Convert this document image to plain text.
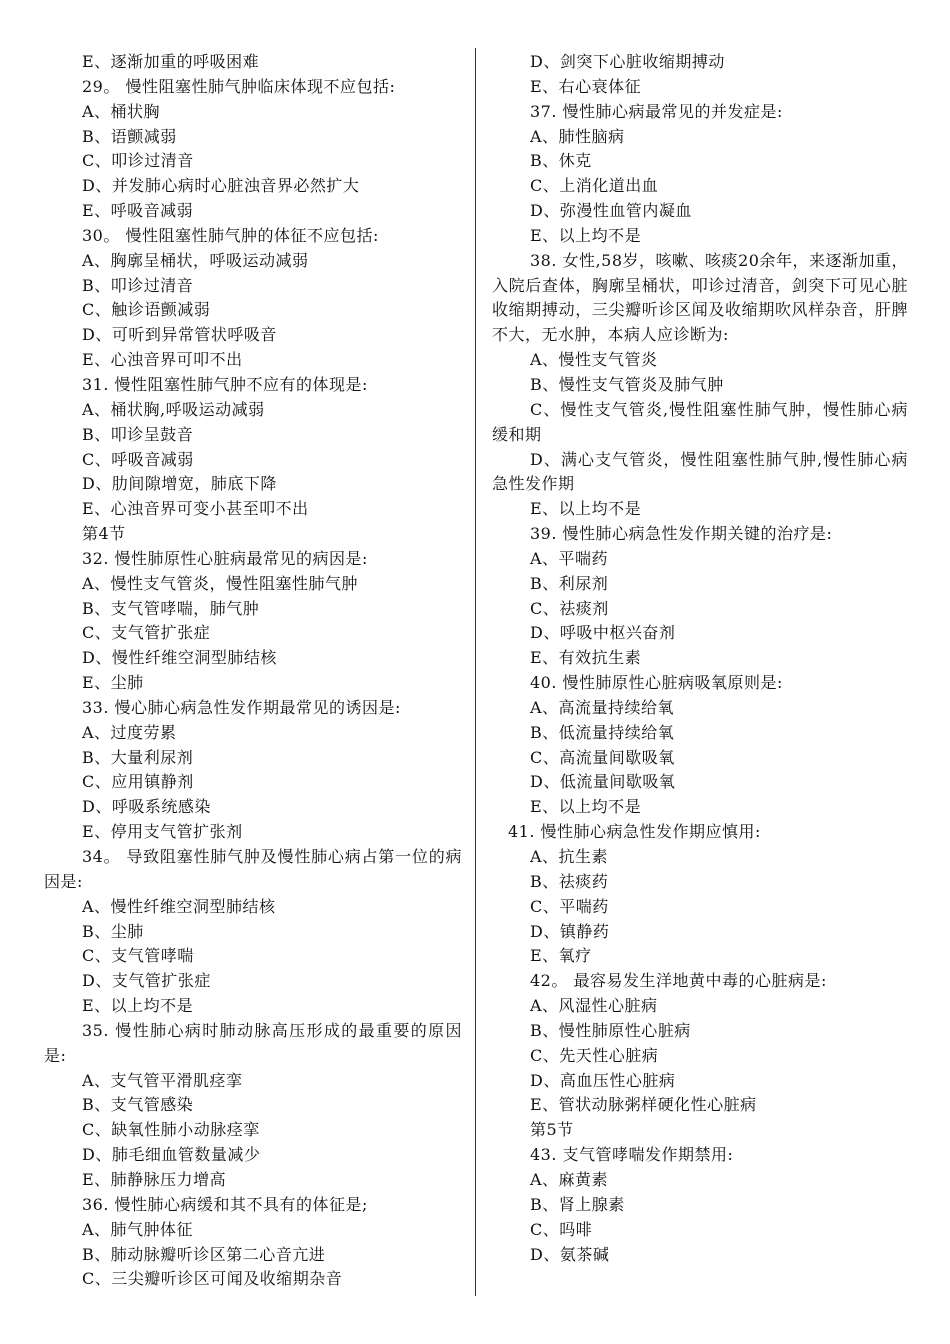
E、逐渐加重的呼吸困难
29。 慢性阻塞性肺气肿临床体现不应包括:
A、桶状胸
B、语颤减弱
C、叩诊过清音
D、并发肺心病时心脏浊音界必然扩大
E、呼吸音减弱
30。 慢性阻塞性肺气肿的体征不应包括:
A、胸廓呈桶状，呼吸运动减弱
B、叩诊过清音
C、触诊语颤减弱
D、可听到异常管状呼吸音
E、心浊音界可叩不出
31. 慢性阻塞性肺气肿不应有的体现是:
A、桶状胸,呼吸运动减弱
B、叩诊呈鼓音
C、呼吸音减弱
D、肋间隙增宽，肺底下降
E、心浊音界可变小甚至叩不出
第4节
32. 慢性肺原性心脏病最常见的病因是:
A、慢性支气管炎，慢性阻塞性肺气肿
B、支气管哮喘，肺气肿
C、支气管扩张症
D、慢性纤维空洞型肺结核
E、尘肺
33. 慢心肺心病急性发作期最常见的诱因是:
A、过度劳累
B、大量利尿剂
C、应用镇静剂
D、呼吸系统感染
E、停用支气管扩张剂
34。 导致阻塞性肺气肿及慢性肺心病占第一位的病因是:
A、慢性纤维空洞型肺结核
B、尘肺
C、支气管哮喘
D、支气管扩张症
E、以上均不是
35. 慢性肺心病时肺动脉高压形成的最重要的原因是:
A、支气管平滑肌痉挛
B、支气管感染
C、缺氧性肺小动脉痉挛
D、肺毛细血管数量减少
E、肺静脉压力增高
36. 慢性肺心病缓和其不具有的体征是;
A、肺气肿体征
B、肺动脉瓣听诊区第二心音亢进
C、三尖瓣听诊区可闻及收缩期杂音
D、剑突下心脏收缩期搏动
E、右心衰体征
37. 慢性肺心病最常见的并发症是:
A、肺性脑病
B、休克
C、上消化道出血
D、弥漫性血管内凝血
E、以上均不是
38. 女性,58岁，咳嗽、咳痰20余年，来逐渐加重，入院后查体，胸廓呈桶状，叩诊过清音，剑突下可见心脏收缩期搏动，三尖瓣听诊区闻及收缩期吹风样杂音，肝脾不大，无水肿，本病人应诊断为:
A、慢性支气管炎
B、慢性支气管炎及肺气肿
C、慢性支气管炎,慢性阻塞性肺气肿，慢性肺心病缓和期
D、满心支气管炎，慢性阻塞性肺气肿,慢性肺心病急性发作期
E、以上均不是
39. 慢性肺心病急性发作期关键的治疗是:
A、平喘药
B、利尿剂
C、祛痰剂
D、呼吸中枢兴奋剂
E、有效抗生素
40. 慢性肺原性心脏病吸氧原则是:
A、高流量持续给氧
B、低流量持续给氧
C、高流量间歇吸氧
D、低流量间歇吸氧
E、以上均不是
41. 慢性肺心病急性发作期应慎用:
A、抗生素
B、祛痰药
C、平喘药
D、镇静药
E、氧疗
42。 最容易发生洋地黄中毒的心脏病是:
A、风湿性心脏病
B、慢性肺原性心脏病
C、先天性心脏病
D、高血压性心脏病
E、管状动脉粥样硬化性心脏病
第5节
43. 支气管哮喘发作期禁用:
A、麻黄素
B、肾上腺素
C、吗啡
D、氨茶碱
